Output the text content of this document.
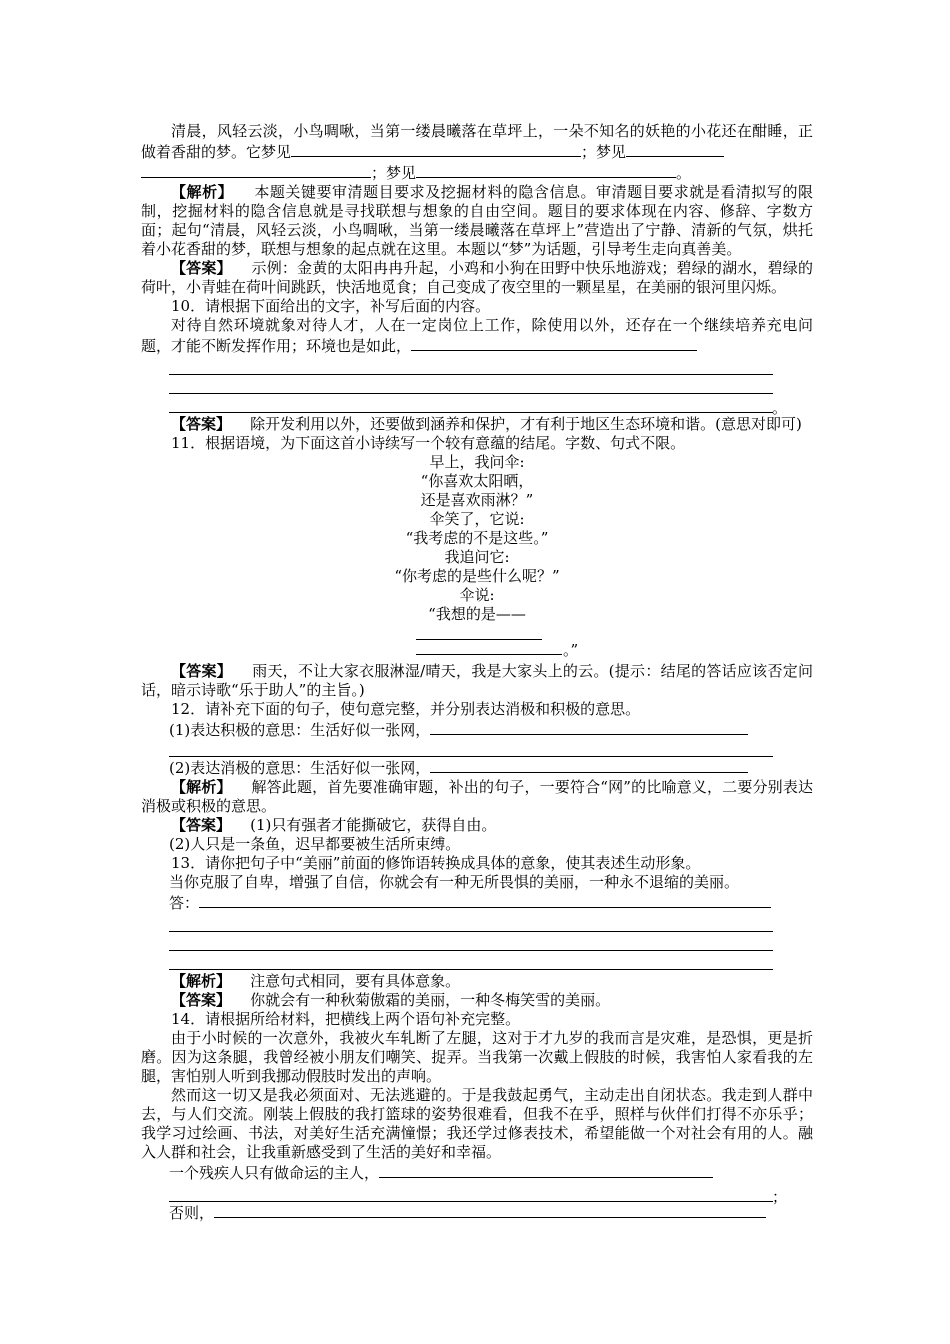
清晨，风轻云淡，小鸟啁啾，当第一缕晨曦落在草坪上，一朵不知名的妖艳的小花还在酣睡，正做着香甜的梦。它梦见	；梦见

；梦见	。

【解析】 本题关键要审清题目要求及挖掘材料的隐含信息。审清题目要求就是看清拟写的限制，挖掘材料的隐含信息就是寻找联想与想象的自由空间。题目的要求体现在内容、修辞、字数方面；起句“清晨，风轻云淡，小鸟啁啾，当第一缕晨曦落在草坪上”营造出了宁静、清新的气氛，烘托着小花香甜的梦，联想与想象的起点就在这里。本题以“梦”为话题，引导考生走向真善美。

【答案】 示例：金黄的太阳冉冉升起，小鸡和小狗在田野中快乐地游戏；碧绿的湖水，碧绿的荷叶，小青蛙在荷叶间跳跃，快活地觅食；自己变成了夜空里的一颗星星，在美丽的银河里闪烁。

10．请根据下面给出的文字，补写后面的内容。

对待自然环境就象对待人才，人在一定岗位上工作，除使用以外，还存在一个继续培养充电问题，才能不断发挥作用；环境也是如此，

。

【答案】 除开发利用以外，还要做到涵养和保护，才有利于地区生态环境和谐。(意思对即可)

11．根据语境，为下面这首小诗续写一个较有意蕴的结尾。字数、句式不限。

早上，我问伞:
“你喜欢太阳晒，
还是喜欢雨淋？”
伞笑了，它说:
“我考虑的不是这些。”
我追问它:
“你考虑的是些什么呢？”
伞说:
“我想的是——
。”

【答案】 雨天，不让大家衣服淋湿/晴天，我是大家头上的云。(提示：结尾的答话应该否定问话，暗示诗歌“乐于助人”的主旨。)

12．请补充下面的句子，使句意完整，并分别表达消极和积极的意思。

(1)表达积极的意思：生活好似一张网，

(2)表达消极的意思：生活好似一张网，

【解析】 解答此题，首先要准确审题，补出的句子，一要符合“网”的比喻意义，二要分别表达消极或积极的意思。

【答案】 (1)只有强者才能撕破它，获得自由。

(2)人只是一条鱼，迟早都要被生活所束缚。

13．请你把句子中“美丽”前面的修饰语转换成具体的意象，使其表述生动形象。

当你克服了自卑，增强了自信，你就会有一种无所畏惧的美丽，一种永不退缩的美丽。

答：

【解析】 注意句式相同，要有具体意象。

【答案】 你就会有一种秋菊傲霜的美丽，一种冬梅笑雪的美丽。

14．请根据所给材料，把横线上两个语句补充完整。

由于小时候的一次意外，我被火车轧断了左腿，这对于才九岁的我而言是灾难，是恐惧，更是折磨。因为这条腿，我曾经被小朋友们嘲笑、捉弄。当我第一次戴上假肢的时候，我害怕人家看我的左腿，害怕别人听到我挪动假肢时发出的声响。

然而这一切又是我必须面对、无法逃避的。于是我鼓起勇气，主动走出自闭状态。我走到人群中去，与人们交流。刚装上假肢的我打篮球的姿势很难看，但我不在乎，照样与伙伴们打得不亦乐乎；我学习过绘画、书法，对美好生活充满憧憬；我还学过修表技术，希望能做一个对社会有用的人。融入人群和社会，让我重新感受到了生活的美好和幸福。

一个残疾人只有做命运的主人，

；

否则，
